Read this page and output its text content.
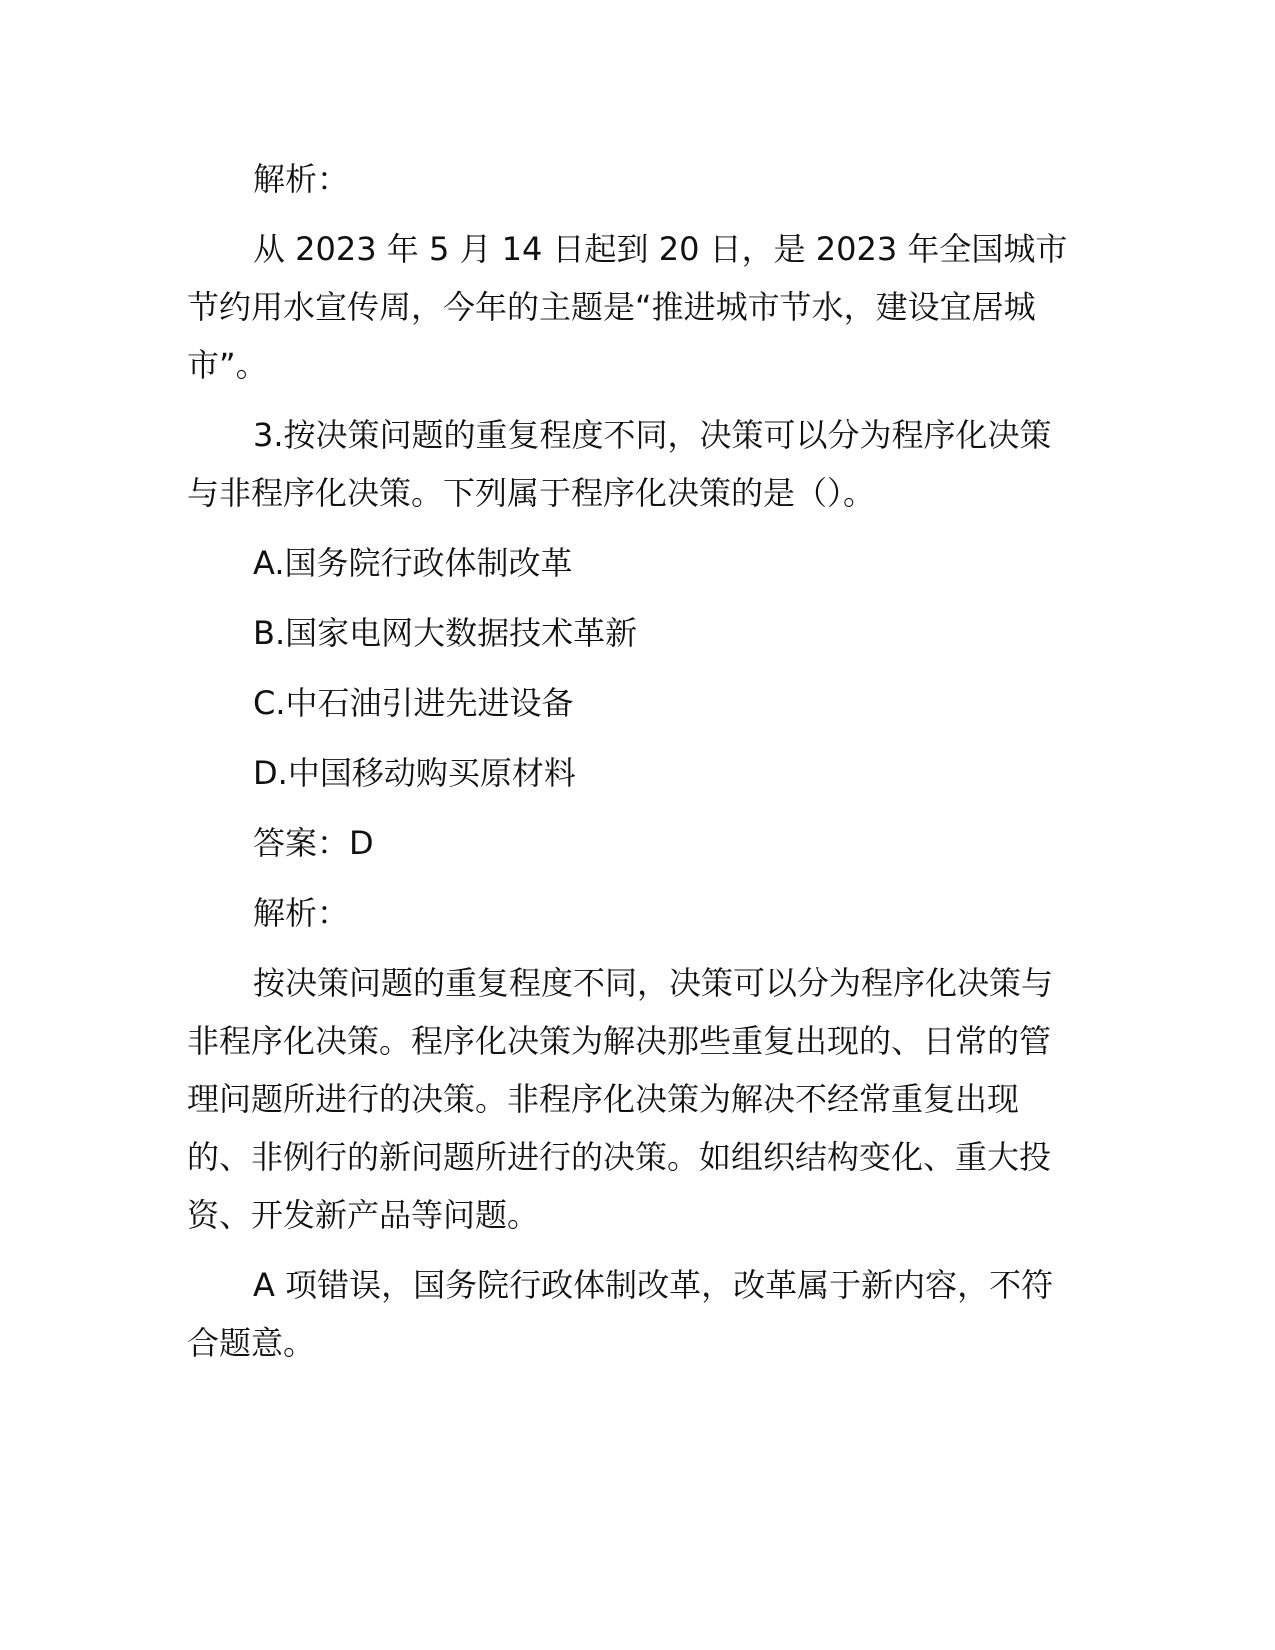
解析：
从 2023 年 5 月 14 日起到 20 日，是 2023 年全国城市
节约用水宣传周，今年的主题是“推进城市节水，建设宜居城
市”。
3.按决策问题的重复程度不同，决策可以分为程序化决策
与非程序化决策。下列属于程序化决策的是（）。
A.国务院行政体制改革
B.国家电网大数据技术革新
C.中石油引进先进设备
D.中国移动购买原材料
答案：D
解析：
按决策问题的重复程度不同，决策可以分为程序化决策与
非程序化决策。程序化决策为解决那些重复出现的、日常的管
理问题所进行的决策。非程序化决策为解决不经常重复出现
的、非例行的新问题所进行的决策。如组织结构变化、重大投
资、开发新产品等问题。
A 项错误，国务院行政体制改革，改革属于新内容，不符
合题意。
